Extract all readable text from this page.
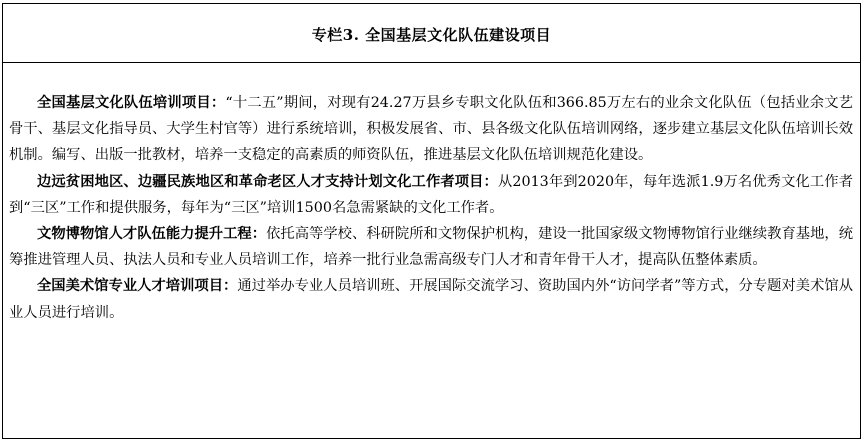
专栏3. 全国基层文化队伍建设项目

全国基层文化队伍培训项目：“十二五”期间，对现有24.27万县乡专职文化队伍和366.85万左右的业余文化队伍（包括业余文艺骨干、基层文化指导员、大学生村官等）进行系统培训，积极发展省、市、县各级文化队伍培训网络，逐步建立基层文化队伍培训长效机制。编写、出版一批教材，培养一支稳定的高素质的师资队伍，推进基层文化队伍培训规范化建设。

边远贫困地区、边疆民族地区和革命老区人才支持计划文化工作者项目：从2013年到2020年，每年选派1.9万名优秀文化工作者到“三区”工作和提供服务，每年为“三区”培训1500名急需紧缺的文化工作者。

文物博物馆人才队伍能力提升工程：依托高等学校、科研院所和文物保护机构，建设一批国家级文物博物馆行业继续教育基地，统筹推进管理人员、执法人员和专业人员培训工作，培养一批行业急需高级专门人才和青年骨干人才，提高队伍整体素质。

全国美术馆专业人才培训项目：通过举办专业人员培训班、开展国际交流学习、资助国内外“访问学者”等方式，分专题对美术馆从业人员进行培训。
